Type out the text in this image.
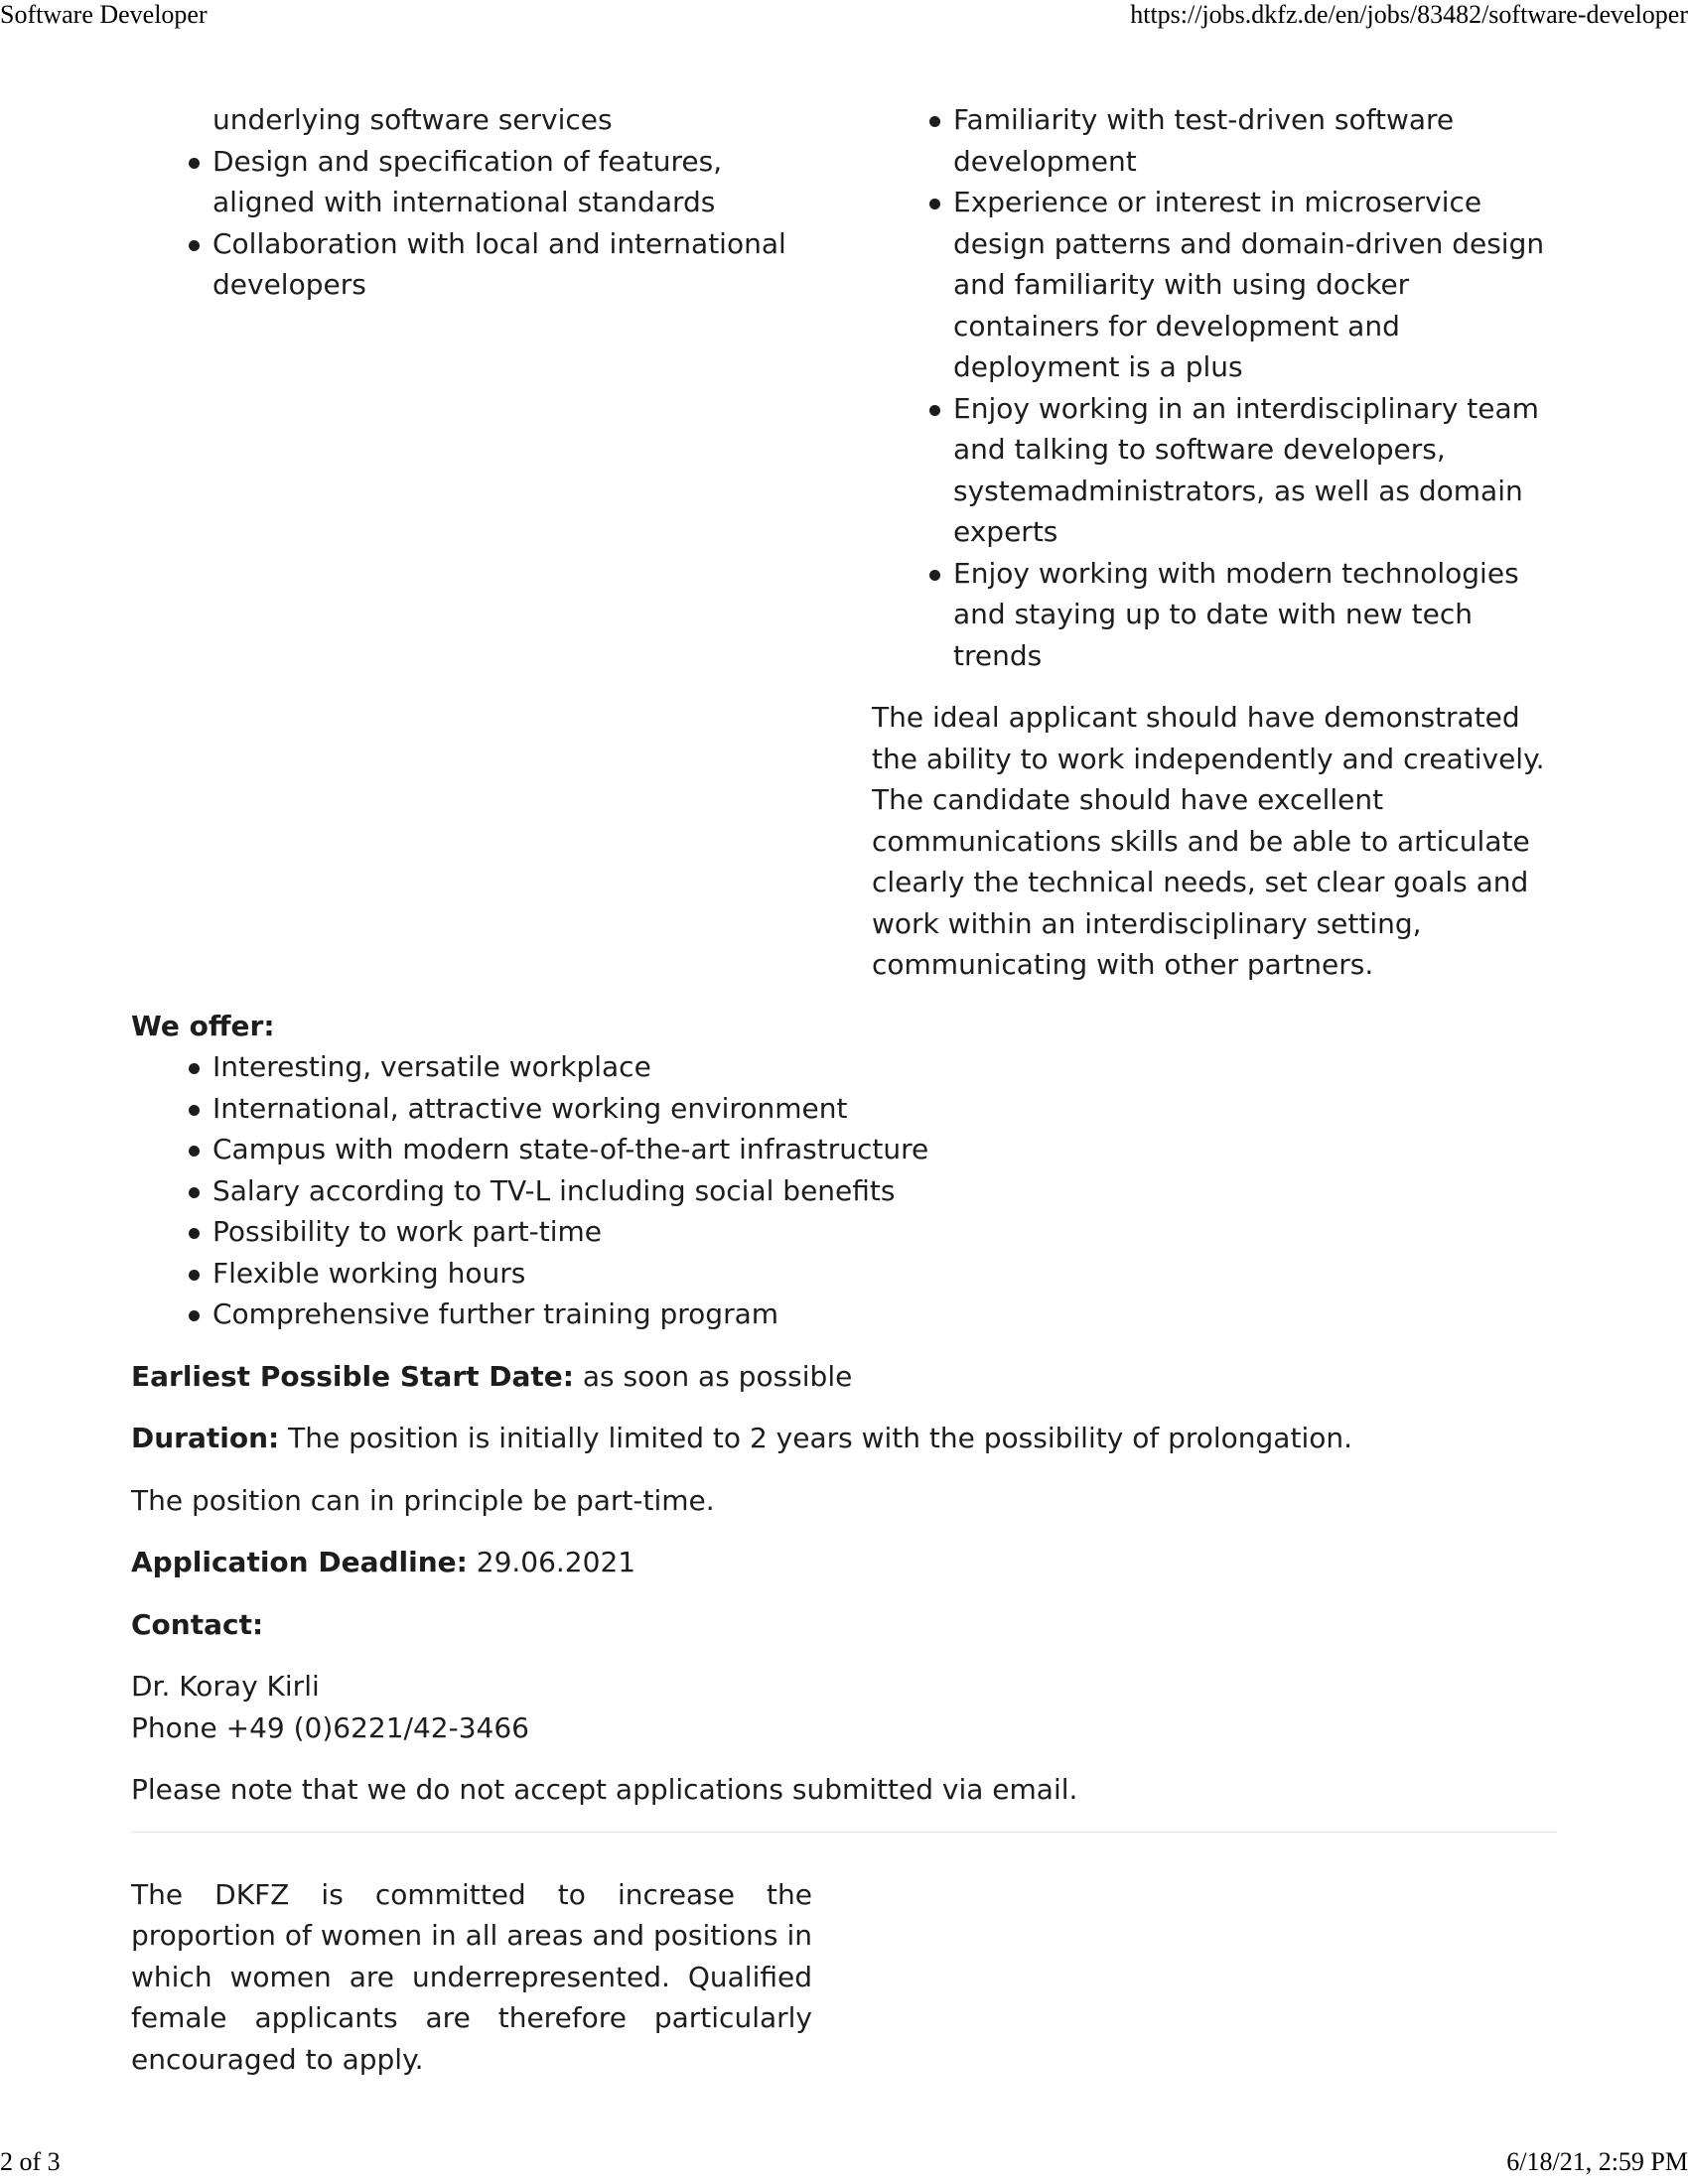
Software Developer	https://jobs.dkfz.de/en/jobs/83482/software-developer
underlying software services
Design and specification of features, aligned with international standards
Collaboration with local and international developers
Familiarity with test-driven software development
Experience or interest in microservice design patterns and domain-driven design and familiarity with using docker containers for development and deployment is a plus
Enjoy working in an interdisciplinary team and talking to software developers, systemadministrators, as well as domain experts
Enjoy working with modern technologies and staying up to date with new tech trends

The ideal applicant should have demonstrated the ability to work independently and creatively. The candidate should have excellent communications skills and be able to articulate clearly the technical needs, set clear goals and work within an interdisciplinary setting, communicating with other partners.

We offer:
Interesting, versatile workplace
International, attractive working environment
Campus with modern state-of-the-art infrastructure
Salary according to TV-L including social benefits
Possibility to work part-time
Flexible working hours
Comprehensive further training program

Earliest Possible Start Date: as soon as possible

Duration: The position is initially limited to 2 years with the possibility of prolongation.

The position can in principle be part-time.

Application Deadline: 29.06.2021

Contact:

Dr. Koray Kirli
Phone +49 (0)6221/42-3466

Please note that we do not accept applications submitted via email.

The DKFZ is committed to increase the proportion of women in all areas and positions in which women are underrepresented. Qualified female applicants are therefore particularly encouraged to apply.

2 of 3	6/18/21, 2:59 PM
